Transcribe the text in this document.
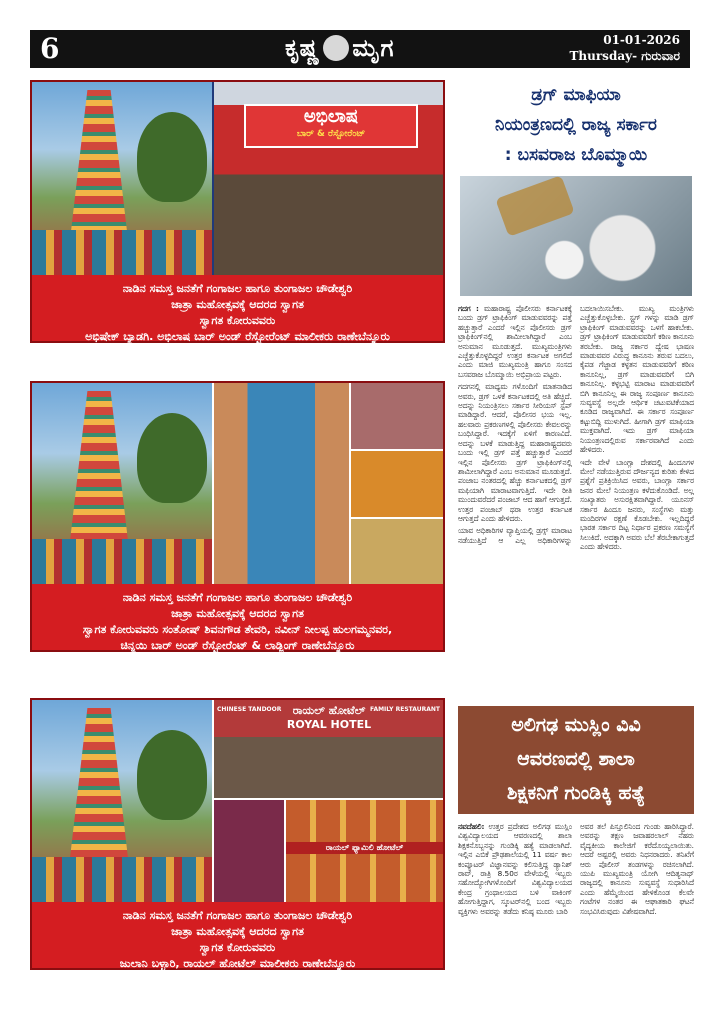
6	ಕೃಷ್ಣ ಮೃಗ	01-01-2026
Thursday- ಗುರುವಾರ
ಅಭಿಲಾಷ
ಬಾರ್ & ರೆಸ್ಟೋರೆಂಟ್
ನಾಡಿನ ಸಮಸ್ತ ಜನತೆಗೆ ಗಂಗಾಜಲ ಹಾಗೂ ತುಂಗಾಜಲ ಚೌಡೇಶ್ವರಿ
ಜಾತ್ರಾ ಮಹೋತ್ಸವಕ್ಕೆ ಆದರದ ಸ್ವಾಗತ
ಸ್ವಾಗತ ಕೋರುವವರು
ಅಭಿಷೇಕ್ ಬ್ಯಾಡಗಿ. ಅಭಿಲಾಷ ಬಾರ್ ಅಂಡ್ ರೆಸ್ಟೋರೆಂಟ್ ಮಾಲೀಕರು ರಾಣೇಬೆನ್ನೂರು
ನಾಡಿನ ಸಮಸ್ತ ಜನತೆಗೆ ಗಂಗಾಜಲ ಹಾಗೂ ತುಂಗಾಜಲ ಚೌಡೇಶ್ವರಿ
ಜಾತ್ರಾ ಮಹೋತ್ಸವಕ್ಕೆ ಆದರದ ಸ್ವಾಗತ
ಸ್ವಾಗತ ಕೋರುವವರು ಸಂತೋಷ್ ಶಿವನಗೌಡ ತೇವರಿ, ನವೀನ್ ನೀಲಪ್ಪ ಹುಲಗಮ್ಮನವರ,
ಚಿನ್ನಯಿ ಬಾರ್ ಅಂಡ್ ರೆಸ್ಟೋರೆಂಟ್ & ಲಾಡ್ಜಿಂಗ್ ರಾಣೇಬೆನ್ನೂರು
ರಾಯಲ್ ಹೋಟೆಲ್
ROYAL HOTEL
CHINESE TANDOOR	FAMILY RESTAURANT
ರಾಯಲ್ ಫ್ಯಾಮಿಲಿ ಹೋಟೆಲ್
ನಾಡಿನ ಸಮಸ್ತ ಜನತೆಗೆ ಗಂಗಾಜಲ ಹಾಗೂ ತುಂಗಾಜಲ ಚೌಡೇಶ್ವರಿ
ಜಾತ್ರಾ ಮಹೋತ್ಸವಕ್ಕೆ ಆದರದ ಸ್ವಾಗತ
ಸ್ವಾಗತ ಕೋರುವವರು
ಜುಲಾನಿ ಬಳ್ಳಾರಿ, ರಾಯಲ್ ಹೋಟೆಲ್ ಮಾಲೀಕರು ರಾಣೇಬೆನ್ನೂರು
ಡ್ರಗ್ ಮಾಫಿಯಾ
ನಿಯಂತ್ರಣದಲ್ಲಿ ರಾಜ್ಯ ಸರ್ಕಾರ
: ಬಸವರಾಜ ಬೊಮ್ಮಾಯಿ

ಗದಗ : ಮಹಾರಾಷ್ಟ್ರ ಪೊಲೀಸರು ಕರ್ನಾಟಕಕ್ಕೆ ಬಂದು ಡ್ರಗ್ ಟ್ರಾಫಿಕಿಂಗ್ ಮಾಡುವವರನ್ನು ಪತ್ತೆ ಹಚ್ಚುತ್ತಾರೆ ಎಂದರೆ ಇಲ್ಲಿನ ಪೊಲೀಸರು ಡ್ರಗ್ ಟ್ರಾಫಿಕಿಂಗ್‌ನಲ್ಲಿ ಶಾಮೀಲಾಗಿದ್ದಾರೆ ಎಂಬ ಅನುಮಾನ ಮೂಡುತ್ತದೆ. ಮುಖ್ಯಮಂತ್ರಿಗಳು ಎಚ್ಚೆತ್ತುಕೊಳ್ಳದಿದ್ದರೆ ಉತ್ತರ ಕರ್ನಾಟಕ ಅಗಲಿದೆ ಎಂದು ಮಾಜಿ ಮುಖ್ಯಮಂತ್ರಿ ಹಾಗೂ ಸಂಸದ ಬಸವರಾಜ ಬೊಮ್ಮಾಯಿ ಅಭಿಪ್ರಾಯ ಪಟ್ಟರು.

ಗದಗನಲ್ಲಿ ಮಾಧ್ಯಮ ಗಳೊಂದಿಗೆ ಮಾತನಾಡಿದ ಅವರು, ಡ್ರಗ್ ಒಳಕೆ ಕರ್ನಾಟಕದಲ್ಲಿ ಅತಿ ಹೆಚ್ಚಿದೆ. ಅದನ್ನು ನಿಯಂತ್ರಿಸಲು ಸರ್ಕಾರ ಸೀರಿಯಸ್ ಸ್ಟೆಪ್ ಮಾಡಿದ್ದಾರೆ. ಆದರೆ, ಪೊಲೀಸರ ಭಯ ಇಲ್ಲ. ಹಲವಾರು ಪ್ರಕರಣಗಳಲ್ಲಿ ಪೊಲೀಸರು ಕೇವಲರನ್ನು ಬಂಧಿಸಿದ್ದಾರೆ. ಇದಕ್ಕೆಗೆ ಏಳಿಗೆ ಕಾರಣವಿದೆ. ಅದನ್ನು ಬಳಕೆ ಮಾಡುತ್ತಿದ್ದ ಮಹಾರಾಷ್ಟ್ರದವರು ಬಂದು ಇಲ್ಲಿ ಡ್ರಗ್ ಪತ್ತೆ ಹಚ್ಚುತ್ತಾರೆ ಎಂದರೆ ಇಲ್ಲಿನ ಪೊಲೀಸರು ಡ್ರಗ್ ಟ್ರಾಫಿಕಿಂಗ್‌ನಲ್ಲಿ ಶಾಮೀಲಾಗಿದ್ದಾರೆ ಎಂಬ ಅನುಮಾನ ಮೂಡುತ್ತದೆ. ಪಂಜಾಬ ನಂತರದಲ್ಲಿ ಹೆಚ್ಚು ಕರ್ನಾಟಕದಲ್ಲಿ ಡ್ರಗ್ ಮಫಿಯಾಗಿ ಮಾರಾಟವಾಗುತ್ತಿದೆ. ಇದೇ ರೀತಿ ಮುಂದುವರೆದರೆ ಪಂಜಾಬ್ ಆದ ಹಾಗೆ ಆಗುತ್ತದೆ. ಉತ್ತರ ಪಂಜಾಬ್ ಥರಾ ಉತ್ತರ ಕರ್ನಾಟಕ ಆಗುತ್ತದೆ ಎಂದು ಹೇಳಿದರು.

ಯಾವ ಅಧಿಕಾರಿಗಳ ವ್ಯಾಪ್ತಿಯಲ್ಲಿ ಡ್ರಗ್ಸ್ ಮಾರಾಟ ನಡೆಯುತ್ತಿದೆ ಆ ಎಲ್ಲ ಅಧಿಕಾರಿಗಳನ್ನು ಬದಲಾಯಿಸಬೇಕು. ಮುಖ್ಯ ಮಂತ್ರಿಗಳು ಎಚ್ಚೆತ್ತುಕೊಳ್ಳಬೇಕು. ಸ್ಟ್ರಗ್ ಗಳನ್ನು ಮಾಡಿ ಡ್ರಗ್ ಟ್ರಾಫಿಕಿಂಗ್ ಮಾಡುವವರನ್ನು ಒಳಗೆ ಹಾಕಬೇಕು. ಡ್ರಗ್ ಟ್ರಾಫಿಕಿಂಗ್ ಮಾಡುವವರಿಗೆ ಕಠಿಣ ಕಾನೂನು ತರಬೇಕು. ರಾಜ್ಯ ಸರ್ಕಾರ ದ್ವೇಷ ಭಾಷಣ ಮಾಡುವವರ ವಿರುದ್ಧ ಕಾನೂನು ತರುವ ಬದಲು, ಕೈಪಡ ಗೆಜ್ಜಾಡ ಕಳ್ಳತನ ಮಾಡುವವರಿಗೆ ಕಠಿಣ ಕಾನೂನಿಲ್ಲ, ಡ್ರಗ್ ಮಾಡುವವರಿಗೆ ಬಿಗಿ ಕಾನೂನಿಲ್ಲ. ಕಳ್ಳಭಟ್ಟಿ ಮಾರಾಟ ಮಾಡುವವರಿಗೆ ಬಿಗಿ ಕಾನೂನಿಲ್ಲ ಈ ರಾಜ್ಯ ಸಂಪೂರ್ಣ ಕಾನೂನು ಸುವ್ಯವಸ್ಥೆ ಅಲ್ಲದೇ ಆರ್ಥಿಕ ಚಟುವಟಿಕೆಯಾದ ಕೂಡಿದ ರಾಜ್ಯವಾಗಿದೆ. ಈ ಸರ್ಕಾರ ಸಂಪೂರ್ಣ ಕಟ್ಟುಬಿದ್ದಿ ಮುಳುಗಿದೆ. ಹೀಗಾಗಿ ಡ್ರಗ್ ಮಾಫಿಯಾ ಮುಕ್ತವಾಗಿದೆ. ಇದು ಡ್ರಗ್ ಮಾಫಿಯಾ ನಿಯಂತ್ರಣದಲ್ಲಿರುವ ಸರ್ಕಾರವಾಗಿದೆ ಎಂದು ಹೇಳಿದರು.

ಇದೇ ವೇಳೆ ಬಾಂಗ್ಲಾ ದೇಶದಲ್ಲಿ ಹಿಂದೂಗಳ ಮೇಲೆ ನಡೆಯುತ್ತಿರುವ ದೌರ್ಜನ್ಯದ ಕುರಿತು ಕೇಳಿದ ಪ್ರಶ್ನೆಗೆ ಪ್ರತಿಕ್ರಿಯಿಸಿದ ಅವರು, ಬಾಂಗ್ಲಾ ಸರ್ಕಾರ ಜನರ ಮೇಲೆ ನಿಯಂತ್ರಣ ಕಳೆದುಕೊಂಡಿದೆ. ಅಲ್ಲ ಸಂಖ್ಯಾತರು ಅಸುರಕ್ಷಿತವಾಗಿದ್ದಾರೆ. ಯೂನಸ್ ಸರ್ಕಾರ ಹಿಂದೂ ಜನರು, ಸಂಸ್ಥೆಗಳು ಮತ್ತು ಮಂದಿರಗಳ ರಕ್ಷಣೆ ಕೊಡಬೇಕು. ಇಲ್ಲದಿದ್ದರೆ ಭಾರತ ಸರ್ಕಾರ ದಿಟ್ಟ ನಿರ್ಧಾರ ಪ್ರಕರಣ ಸಮಸ್ಯೆಗೆ ಸಿಲುಕಿದೆ. ಅದಕ್ಕಾಗಿ ಅವರು ಬೆಲೆ ತೆರಬೇಕಾಗುತ್ತದೆ ಎಂದು ಹೇಳಿದರು.

ಅಲಿಗಢ ಮುಸ್ಲಿಂ ವಿವಿ
ಆವರಣದಲ್ಲಿ ಶಾಲಾ
ಶಿಕ್ಷಕನಿಗೆ ಗುಂಡಿಕ್ಕಿ ಹತ್ಯೆ

ನವದೆಹಲಿ: ಉತ್ತರ ಪ್ರದೇಶದ ಅಲಿಗಢ ಮುಸ್ಲಿಂ ವಿಶ್ವವಿದ್ಯಾಲಯದ ಆವರಣದಲ್ಲಿ ಶಾಲಾ ಶಿಕ್ಷಕನೊಬ್ಬನನ್ನು ಗುಂಡಿಕ್ಕಿ ಹತ್ಯೆ ಮಾಡಲಾಗಿದೆ. ಇಲ್ಲಿನ ಎಬಿಕೆ ಪ್ರೌಢಶಾಲೆಯಲ್ಲಿ 11 ವರ್ಷ ಕಾಲ ಕಂಪ್ಯೂಟರ್ ವಿಜ್ಞಾನವನ್ನು ಕಲಿಸುತ್ತಿದ್ದ ಡ್ಯಾನಿಶ್ ರಾವ್, ರಾತ್ರಿ 8.50ರ ವೇಳೆಯಲ್ಲಿ ಇಬ್ಬರು ಸಹೋದ್ಯೋಗಿಗಳೊಂದಿಗೆ ವಿಶ್ವವಿದ್ಯಾಲಯದ ಕೇಂದ್ರ ಗ್ರಂಥಾಲಯದ ಬಳಿ ವಾಕಿಂಗ್ ಹೋಗುತ್ತಿದ್ದಾಗ, ಸ್ಕೂಟರ್‌ನಲ್ಲಿ ಬಂದ ಇಬ್ಬರು ವ್ಯಕ್ತಿಗಳು ಅವರನ್ನು ತಡೆದು ಕನಿಷ್ಠ ಮೂರು ಬಾರಿ

ಅವರ ತಲೆ ಪಿಸ್ತೂಲಿನಿಂದ ಗುಂಡು ಹಾರಿಸಿದ್ದಾರೆ. ಅವರನ್ನು ತಕ್ಷಣ ಜವಾಹರಲಾಲ್ ನೆಹರು ವೈದ್ಯಕೀಯ ಕಾಲೇಜಿಗೆ ಕರೆದೊಯ್ಯಲಾಯಿತು. ಆದರೆ ಅಷ್ಟರಲ್ಲಿ ಅವರು ನಿಧನರಾದರು. ತನಿಖೆಗೆ ಆರು ಪೊಲೀಸ್ ತಂಡಗಳನ್ನು ರಚಿಸಲಾಗಿದೆ. ಯುಪಿ ಮುಖ್ಯಮಂತ್ರಿ ಯೋಗಿ ಆದಿತ್ಯನಾಥ್ ರಾಜ್ಯದಲ್ಲಿ ಕಾನೂನು ಸುವ್ಯವಸ್ಥೆ ಸುಧಾರಿಸಿದೆ ಎಂದು ಹೆಮ್ಮೆಯಿಂದ ಹೇಳಿಕೊಂಡ ಕೆಲವೇ ಗಂಟೆಗಳ ನಂತರ ಈ ಆಘಾತಕಾರಿ ಘಟನೆ ಸಂಭವಿಸಿರುವುದು ವಿಶೇಷವಾಗಿದೆ.
